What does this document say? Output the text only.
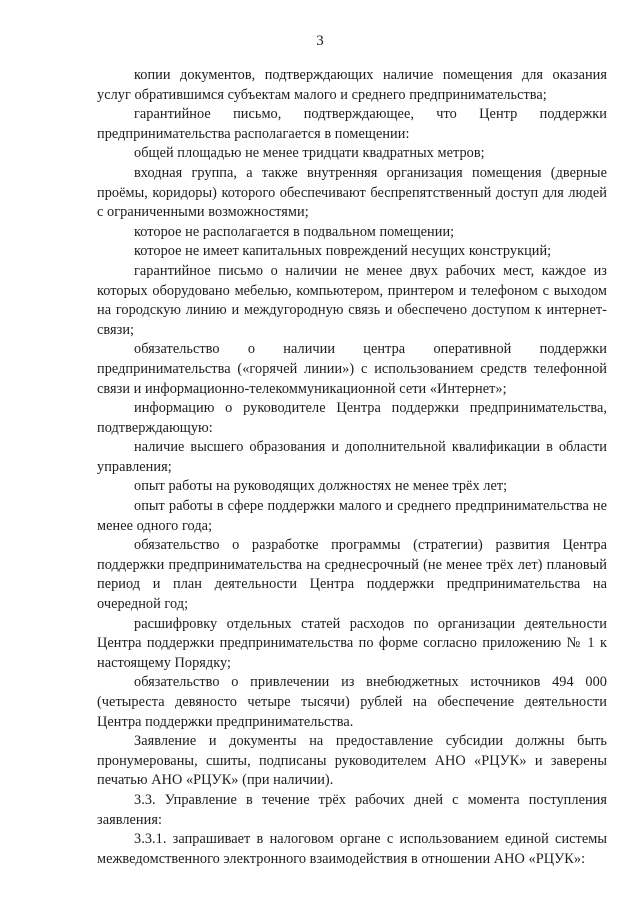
3

копии документов, подтверждающих наличие помещения для оказания услуг обратившимся субъектам малого и среднего предпринимательства;

гарантийное письмо, подтверждающее, что Центр поддержки предпринимательства располагается в помещении:

общей площадью не менее тридцати квадратных метров;

входная группа, а также внутренняя организация помещения (дверные проёмы, коридоры) которого обеспечивают беспрепятственный доступ для людей с ограниченными возможностями;

которое не располагается в подвальном помещении;

которое не имеет капитальных повреждений несущих конструкций;

гарантийное письмо о наличии не менее двух рабочих мест, каждое из которых оборудовано мебелью, компьютером, принтером и телефоном с выходом на городскую линию и междугородную связь и обеспечено доступом к интернет-связи;

обязательство о наличии центра оперативной поддержки предпринимательства («горячей линии») с использованием средств телефонной связи и информационно-телекоммуникационной сети «Интернет»;

информацию о руководителе Центра поддержки предпринимательства, подтверждающую:

наличие высшего образования и дополнительной квалификации в области управления;

опыт работы на руководящих должностях не менее трёх лет;

опыт работы в сфере поддержки малого и среднего предпринимательства не менее одного года;

обязательство о разработке программы (стратегии) развития Центра поддержки предпринимательства на среднесрочный (не менее трёх лет) плановый период и план деятельности Центра поддержки предпринимательства на очередной год;

расшифровку отдельных статей расходов по организации деятельности Центра поддержки предпринимательства по форме согласно приложению № 1 к настоящему Порядку;

обязательство о привлечении из внебюджетных источников 494 000 (четыреста девяносто четыре тысячи) рублей на обеспечение деятельности Центра поддержки предпринимательства.

Заявление и документы на предоставление субсидии должны быть пронумерованы, сшиты, подписаны руководителем АНО «РЦУК» и заверены печатью АНО «РЦУК» (при наличии).

3.3. Управление в течение трёх рабочих дней с момента поступления заявления:

3.3.1. запрашивает в налоговом органе с использованием единой системы межведомственного электронного взаимодействия в отношении АНО «РЦУК»:
